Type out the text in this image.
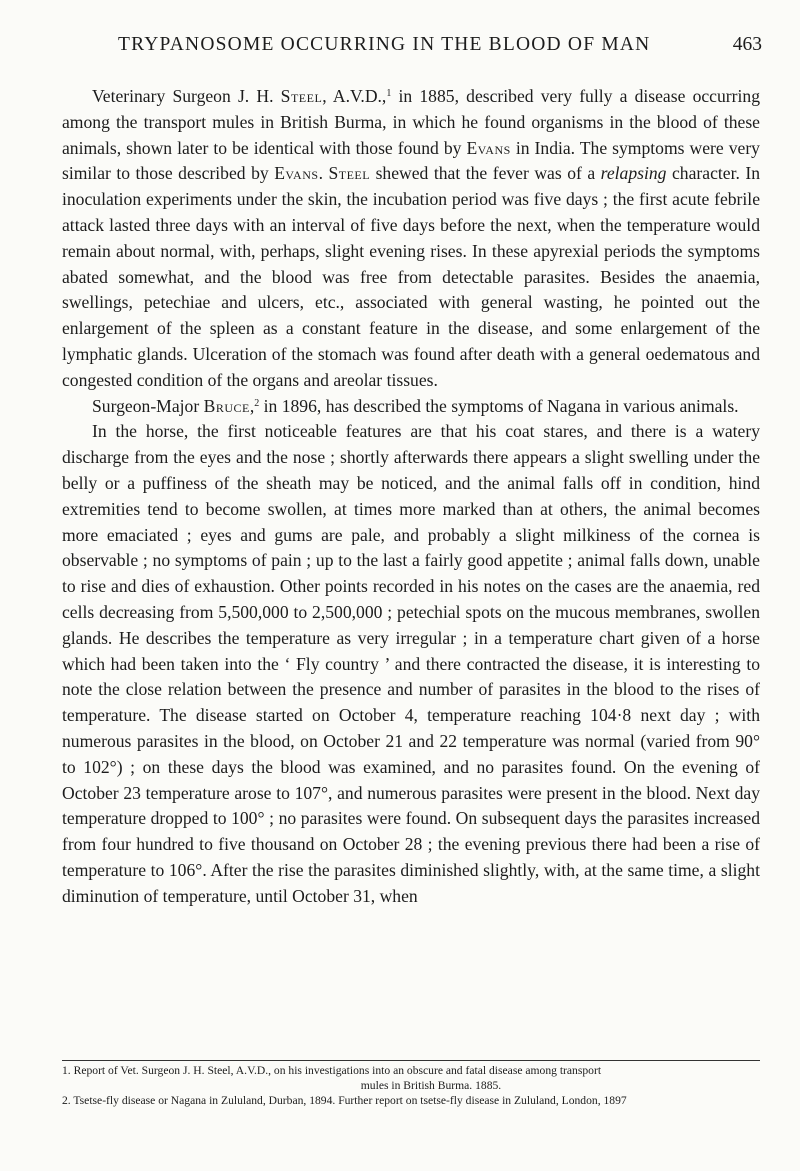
TRYPANOSOME OCCURRING IN THE BLOOD OF MAN	463

Veterinary Surgeon J. H. Steel, A.V.D.,$^1$ in 1885, described very fully a disease occurring among the transport mules in British Burma, in which he found organisms in the blood of these animals, shown later to be identical with those found by Evans in India. The symptoms were very similar to those described by Evans. Steel shewed that the fever was of a relapsing character. In inoculation experiments under the skin, the incubation period was five days ; the first acute febrile attack lasted three days with an interval of five days before the next, when the temperature would remain about normal, with, perhaps, slight evening rises. In these apyrexial periods the symptoms abated somewhat, and the blood was free from detectable parasites. Besides the anaemia, swellings, petechiae and ulcers, etc., associated with general wasting, he pointed out the enlargement of the spleen as a constant feature in the disease, and some enlargement of the lymphatic glands. Ulceration of the stomach was found after death with a general oedematous and congested condition of the organs and areolar tissues.

Surgeon-Major Bruce,$^2$ in 1896, has described the symptoms of Nagana in various animals.

In the horse, the first noticeable features are that his coat stares, and there is a watery discharge from the eyes and the nose ; shortly afterwards there appears a slight swelling under the belly or a puffiness of the sheath may be noticed, and the animal falls off in condition, hind extremities tend to become swollen, at times more marked than at others, the animal becomes more emaciated ; eyes and gums are pale, and probably a slight milkiness of the cornea is observable ; no symptoms of pain ; up to the last a fairly good appetite ; animal falls down, unable to rise and dies of exhaustion. Other points recorded in his notes on the cases are the anaemia, red cells decreasing from 5,500,000 to 2,500,000 ; petechial spots on the mucous membranes, swollen glands. He describes the temperature as very irregular ; in a temperature chart given of a horse which had been taken into the ‘ Fly country ’ and there contracted the disease, it is interesting to note the close relation between the presence and number of parasites in the blood to the rises of temperature. The disease started on October 4, temperature reaching 104·8 next day ; with numerous parasites in the blood, on October 21 and 22 temperature was normal (varied from 90° to 102°) ; on these days the blood was examined, and no parasites found. On the evening of October 23 temperature arose to 107°, and numerous parasites were present in the blood. Next day temperature dropped to 100° ; no parasites were found. On subsequent days the parasites increased from four hundred to five thousand on October 28 ; the evening previous there had been a rise of temperature to 106°. After the rise the parasites diminished slightly, with, at the same time, a slight diminution of temperature, until October 31, when

1. Report of Vet. Surgeon J. H. Steel, A.V.D., on his investigations into an obscure and fatal disease among transport

mules in British Burma. 1885.

2. Tsetse-fly disease or Nagana in Zululand, Durban, 1894. Further report on tsetse-fly disease in Zululand, London, 1897
